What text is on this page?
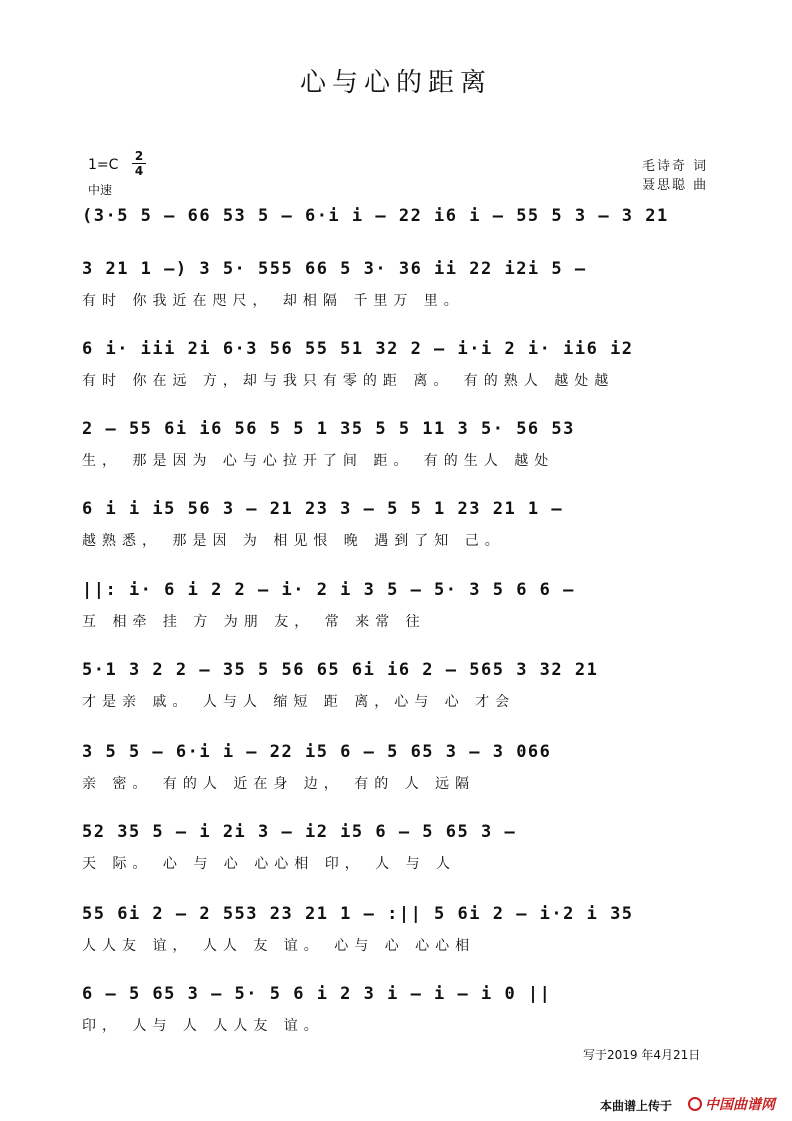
心与心的距离
1=C
2
4
中速
毛诗奇 词
聂思聪 曲
(3·5 5 – 66 53 5 – 6·i i – 22 i6 i – 55 5 3 – 3 21
3 21 1 –) 3 5· 555 66 5 3· 36 ii 22 i2i 5 –
有时 你我近在咫尺， 却相隔 千里万 里。
6 i· iii 2i 6·3 56 55 51 32 2 – i·i 2 i· ii6 i2
有时 你在远 方，却与我只有零的距 离。 有的熟人 越处越
2 – 55 6i i6 56 5 5 1 35 5 5 11 3 5· 56 53
生， 那是因为 心与心拉开了间 距。 有的生人 越处
6 i i i5 56 3 – 21 23 3 – 5 5 1 23 21 1 –
越熟悉， 那是因 为 相见恨 晚 遇到了知 己。
||: i· 6 i 2 2 – i· 2 i 3 5 – 5· 3 5 6 6 –
互 相牵 挂 方 为朋 友， 常 来常 往
5·1 3 2 2 – 35 5 56 65 6i i6 2 – 565 3 32 21
才是亲 戚。 人与人 缩短 距 离，心与 心 才会
3 5 5 – 6·i i – 22 i5 6 – 5 65 3 – 3 066
亲 密。 有的人 近在身 边， 有的 人 远隔
52 35 5 – i 2i 3 – i2 i5 6 – 5 65 3 –
天 际。 心 与 心 心心相 印， 人 与 人
55 6i 2 – 2 553 23 21 1 – :|| 5 6i 2 – i·2 i 35
人人友 谊， 人人 友 谊。 心与 心 心心相
6 – 5 65 3 – 5· 5 6 i 2 3 i – i – i 0 ||
印， 人与 人 人人友 谊。
写于2019 年4月21日
本曲谱上传于 中国曲谱网
